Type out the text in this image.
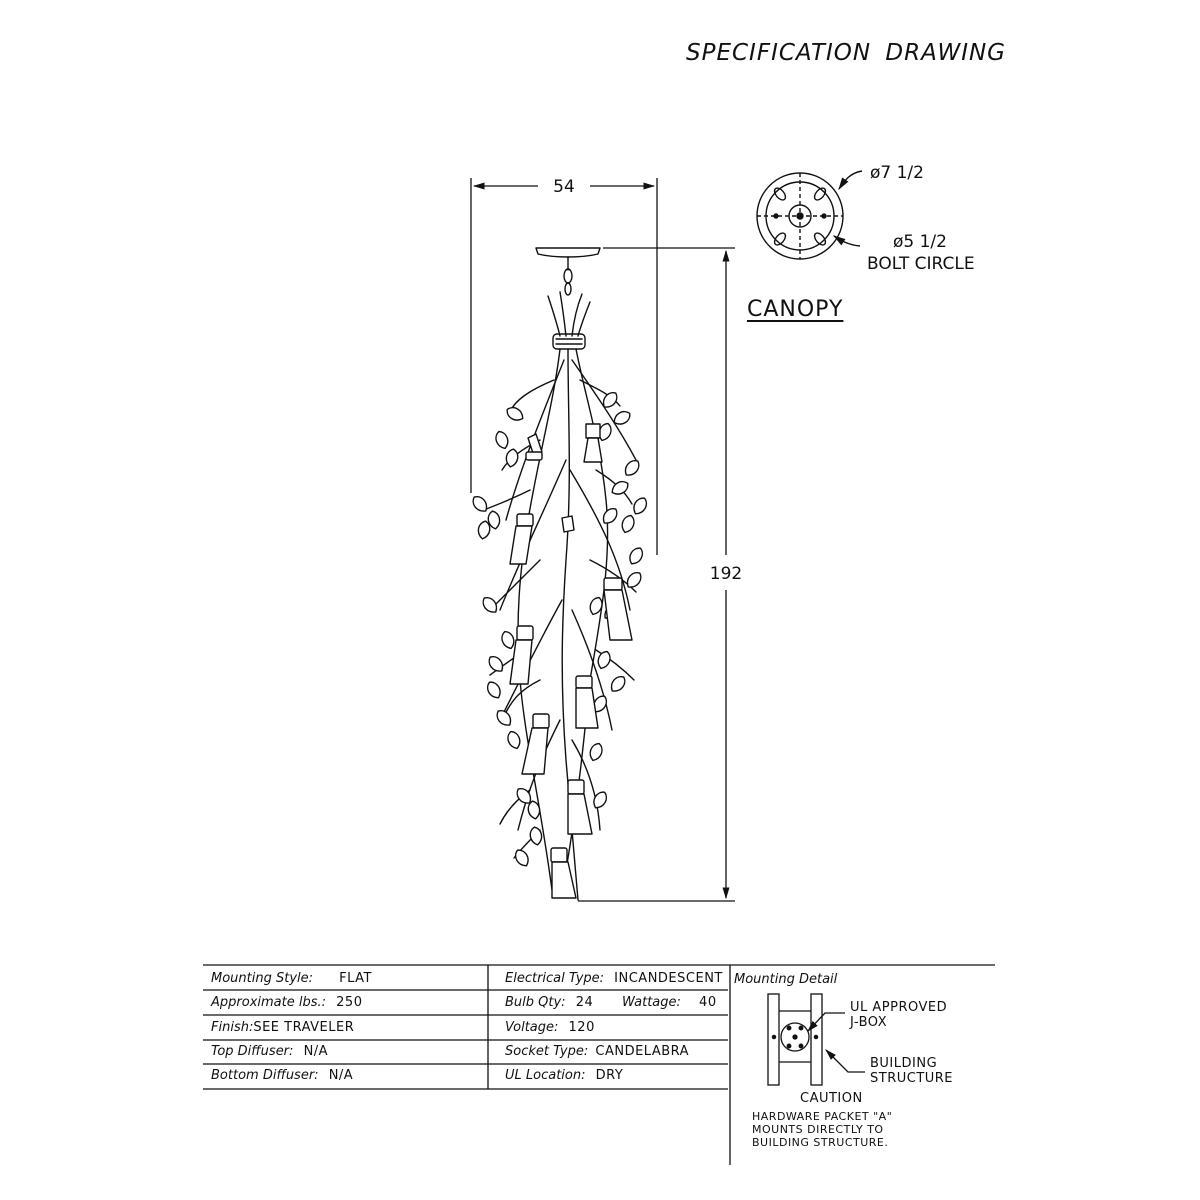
SPECIFICATION DRAWING
54
192
ø7 1/2
ø5 1/2
BOLT CIRCLE
CANOPY
Mounting Style: FLAT
Approximate lbs.: 250
Finish:SEE TRAVELER
Top Diffuser: N/A
Bottom Diffuser: N/A
Electrical Type: INCANDESCENT
Bulb Qty: 24 Wattage: 40
Voltage: 120
Socket Type: CANDELABRA
UL Location: DRY
Mounting Detail
UL APPROVED
J-BOX
BUILDING
STRUCTURE
CAUTION
HARDWARE PACKET "A"
MOUNTS DIRECTLY TO
BUILDING STRUCTURE.
